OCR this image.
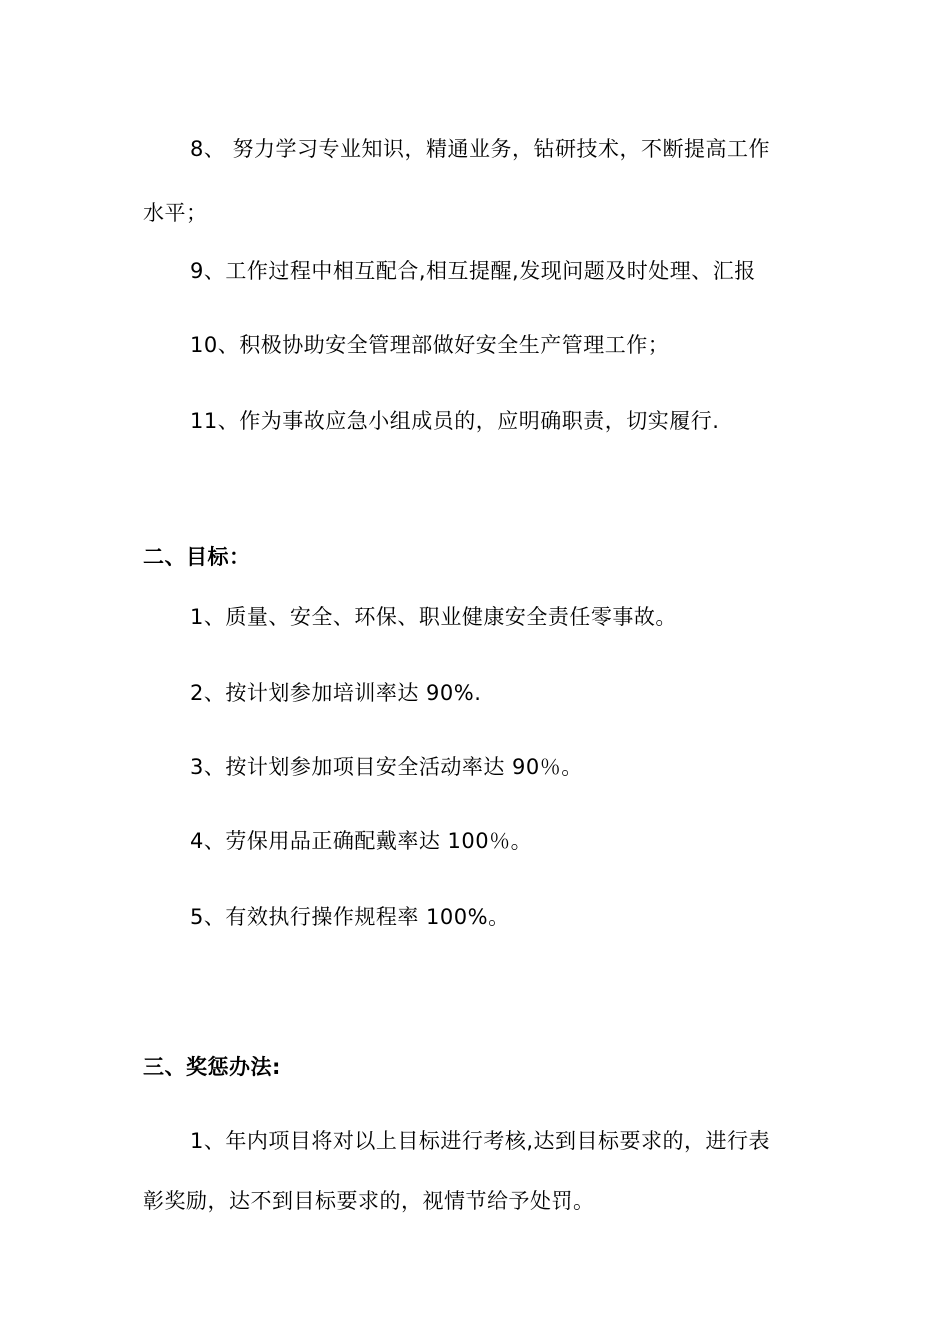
8、 努力学习专业知识，精通业务，钻研技术，不断提高工作
水平；
9、工作过程中相互配合,相互提醒,发现问题及时处理、汇报
10、积极协助安全管理部做好安全生产管理工作；
11、作为事故应急小组成员的，应明确职责，切实履行.
二、目标：
1、质量、安全、环保、职业健康安全责任零事故。
2、按计划参加培训率达 90%.
3、按计划参加项目安全活动率达 90％。
4、劳保用品正确配戴率达 100％。
5、有效执行操作规程率 100%。
三、奖惩办法:
1、年内项目将对以上目标进行考核,达到目标要求的，进行表
彰奖励，达不到目标要求的，视情节给予处罚。
